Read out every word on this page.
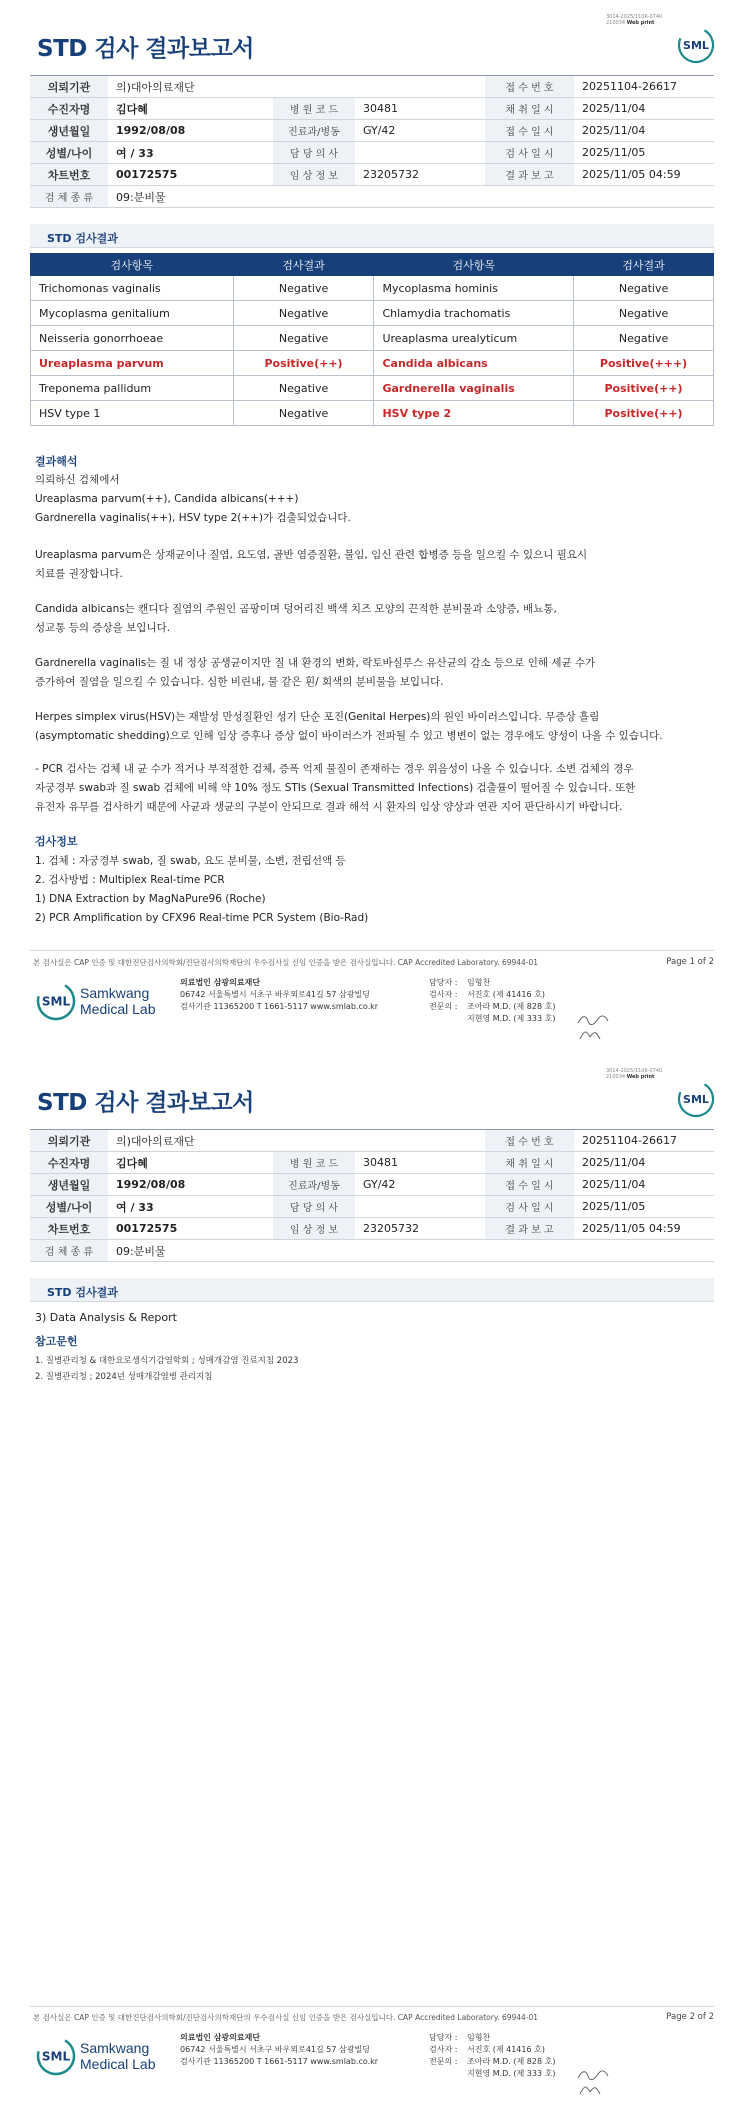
3014-2025/1106-0740
210034 Web print
STD 검사 결과보고서	SML
의뢰기관	의)대아의료재단			접 수 번 호	20251104-26617
수진자명	김다혜	병 원 코 드	30481	채 취 일 시	2025/11/04
생년월일	1992/08/08	진료과/병동	GY/42	접 수 일 시	2025/11/04
성별/나이	여 / 33	담 당 의 사		검 사 일 시	2025/11/05
차트번호	00172575	임 상 정 보	23205732	결 과 보 고	2025/11/05 04:59
검 체 종 류	09:분비물				
STD 검사결과
검사항목	검사결과	검사항목	검사결과
Trichomonas vaginalis	Negative	Mycoplasma hominis	Negative
Mycoplasma genitalium	Negative	Chlamydia trachomatis	Negative
Neisseria gonorrhoeae	Negative	Ureaplasma urealyticum	Negative
Ureaplasma parvum	Positive(++)	Candida albicans	Positive(+++)
Treponema pallidum	Negative	Gardnerella vaginalis	Positive(++)
HSV type 1	Negative	HSV type 2	Positive(++)
결과해석
의뢰하신 검체에서
Ureaplasma parvum(++), Candida albicans(+++)
Gardnerella vaginalis(++), HSV type 2(++)가 검출되었습니다.
Ureaplasma parvum은 상재균이나 질염, 요도염, 골반 염증질환, 불임, 임신 관련 합병증 등을 일으킬 수 있으니 필요시
치료를 권장합니다.
Candida albicans는 캔디다 질염의 주원인 곰팡이며 덩어리진 백색 치즈 모양의 끈적한 분비물과 소양증, 배뇨통,
성교통 등의 증상을 보입니다.
Gardnerella vaginalis는 질 내 정상 공생균이지만 질 내 환경의 변화, 락토바실루스 유산균의 감소 등으로 인해 세균 수가
증가하여 질염을 일으킬 수 있습니다. 심한 비린내, 물 같은 흰/ 회색의 분비물을 보입니다.
Herpes simplex virus(HSV)는 재발성 만성질환인 성기 단순 포진(Genital Herpes)의 원인 바이러스입니다. 무증상 흘림
(asymptomatic shedding)으로 인해 임상 증후나 증상 없이 바이러스가 전파될 수 있고 병변이 없는 경우에도 양성이 나올 수 있습니다.
- PCR 검사는 검체 내 균 수가 적거나 부적절한 검체, 증폭 억제 물질이 존재하는 경우 위음성이 나올 수 있습니다. 소변 검체의 경우
자궁경부 swab과 질 swab 검체에 비해 약 10% 정도 STIs (Sexual Transmitted Infections) 검출률이 떨어질 수 있습니다. 또한
유전자 유무를 검사하기 때문에 사균과 생균의 구분이 안되므로 결과 해석 시 환자의 임상 양상과 연관 지어 판단하시기 바랍니다.
검사정보
1. 검체 : 자궁경부 swab, 질 swab, 요도 분비물, 소변, 전립선액 등
2. 검사방법 : Multiplex Real-time PCR
1) DNA Extraction by MagNaPure96 (Roche)
2) PCR Amplification by CFX96 Real-time PCR System (Bio-Rad)
본 검사실은 CAP 인증 및 대한진단검사의학회/진단검사의학재단의 우수검사실 신임 인증을 받은 검사실입니다. CAP Accredited Laboratory. 69944-01	Page 1 of 2
SML
Samkwang
Medical Lab
의료법인 삼광의료재단
06742 서울특별시 서초구 바우뫼로41길 57 삼광빌딩
검사기관 11365200 T 1661-5117 www.smlab.co.kr
담당자 :	임형찬
검사자 :	서진호 (제 41416 호)
전문의 :	조아라 M.D. (제 828 호)
지현영 M.D. (제 333 호)
3014-2025/1106-0740
210034 Web print
STD 검사 결과보고서	SML
의뢰기관	의)대아의료재단			접 수 번 호	20251104-26617
수진자명	김다혜	병 원 코 드	30481	채 취 일 시	2025/11/04
생년월일	1992/08/08	진료과/병동	GY/42	접 수 일 시	2025/11/04
성별/나이	여 / 33	담 당 의 사		검 사 일 시	2025/11/05
차트번호	00172575	임 상 정 보	23205732	결 과 보 고	2025/11/05 04:59
검 체 종 류	09:분비물				
STD 검사결과
3) Data Analysis & Report
참고문헌
1. 질병관리청 & 대한요로생식기감염학회 ; 성매개감염 진료지침 2023
2. 질병관리청 ; 2024년 성매개감염병 관리지침
본 검사실은 CAP 인증 및 대한진단검사의학회/진단검사의학재단의 우수검사실 신임 인증을 받은 검사실입니다. CAP Accredited Laboratory. 69944-01	Page 2 of 2
SML
Samkwang
Medical Lab
의료법인 삼광의료재단
06742 서울특별시 서초구 바우뫼로41길 57 삼광빌딩
검사기관 11365200 T 1661-5117 www.smlab.co.kr
담당자 :	임형찬
검사자 :	서진호 (제 41416 호)
전문의 :	조아라 M.D. (제 828 호)
지현영 M.D. (제 333 호)
